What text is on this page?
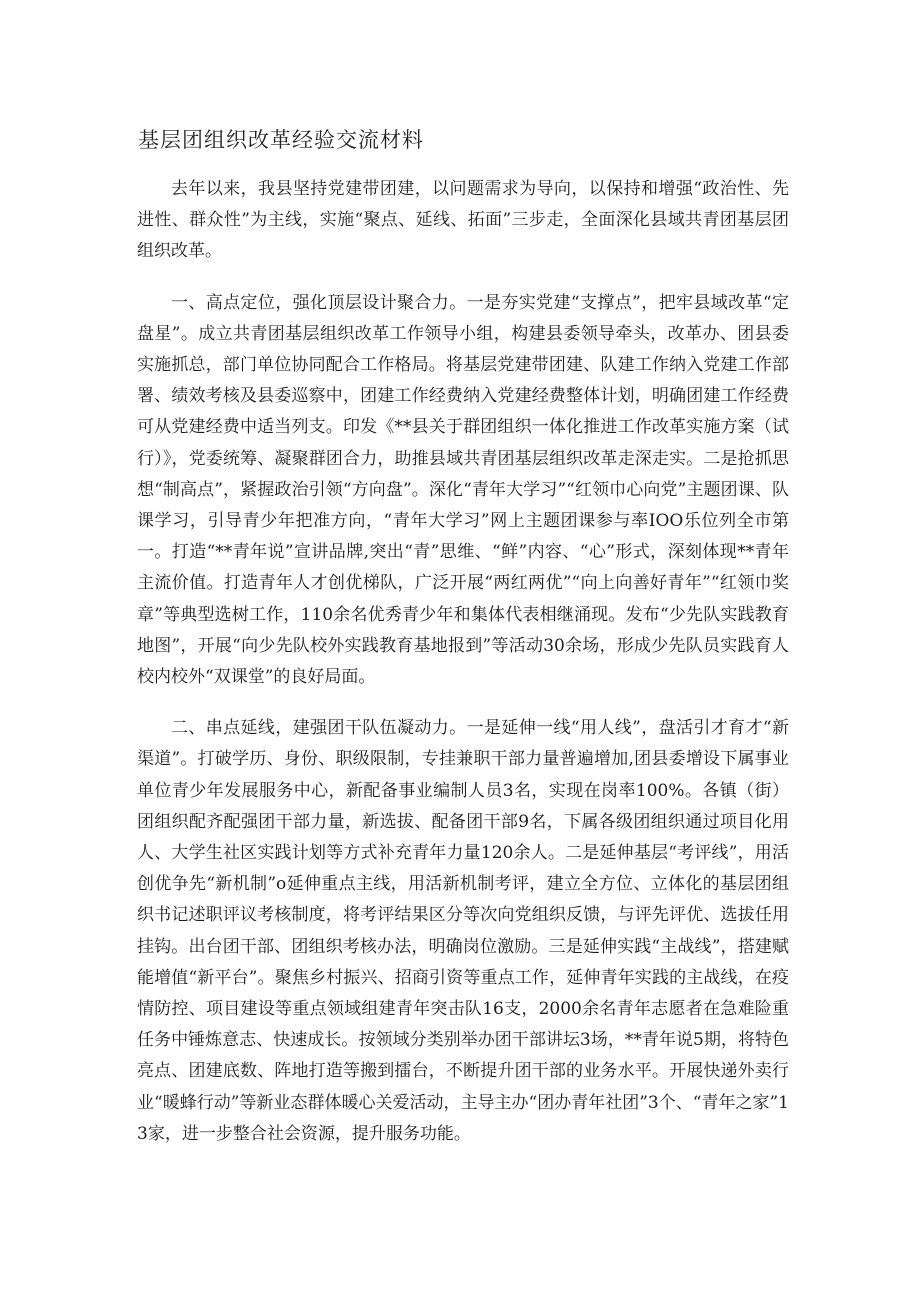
基层团组织改革经验交流材料

去年以来，我县坚持党建带团建，以问题需求为导向，以保持和增强“政治性、先进性、群众性”为主线，实施“聚点、延线、拓面”三步走，全面深化县域共青团基层团组织改革。

一、高点定位，强化顶层设计聚合力。一是夯实党建“支撑点”，把牢县域改革“定盘星”。成立共青团基层组织改革工作领导小组，构建县委领导牵头，改革办、团县委实施抓总，部门单位协同配合工作格局。将基层党建带团建、队建工作纳入党建工作部署、绩效考核及县委巡察中，团建工作经费纳入党建经费整体计划，明确团建工作经费可从党建经费中适当列支。印发《**县关于群团组织一体化推进工作改革实施方案（试行）》，党委统筹、凝聚群团合力，助推县域共青团基层组织改革走深走实。二是抢抓思想“制高点”，紧握政治引领“方向盘”。深化“青年大学习”“红领巾心向党”主题团课、队课学习，引导青少年把准方向，“青年大学习”网上主题团课参与率IOO乐位列全市第一。打造“**青年说”宣讲品牌,突出“青”思维、“鲜”内容、“心”形式，深刻体现**青年主流价值。打造青年人才创优梯队，广泛开展“两红两优”“向上向善好青年”“红领巾奖章”等典型选树工作，110余名优秀青少年和集体代表相继涌现。发布“少先队实践教育地图”，开展“向少先队校外实践教育基地报到”等活动30余场，形成少先队员实践育人校内校外“双课堂”的良好局面。

二、串点延线，建强团干队伍凝动力。一是延伸一线“用人线”，盘活引才育才“新渠道”。打破学历、身份、职级限制，专挂兼职干部力量普遍增加,团县委增设下属事业单位青少年发展服务中心，新配备事业编制人员3名，实现在岗率100%。各镇（街）团组织配齐配强团干部力量，新选拔、配备团干部9名，下属各级团组织通过项目化用人、大学生社区实践计划等方式补充青年力量120余人。二是延伸基层“考评线”，用活创优争先“新机制”o延伸重点主线，用活新机制考评，建立全方位、立体化的基层团组织书记述职评议考核制度，将考评结果区分等次向党组织反馈，与评先评优、选拔任用挂钩。出台团干部、团组织考核办法，明确岗位激励。三是延伸实践“主战线”，搭建赋能增值“新平台”。聚焦乡村振兴、招商引资等重点工作，延伸青年实践的主战线，在疫情防控、项目建设等重点领域组建青年突击队16支，2000余名青年志愿者在急难险重任务中锤炼意志、快速成长。按领域分类别举办团干部讲坛3场，**青年说5期，将特色亮点、团建底数、阵地打造等搬到擂台，不断提升团干部的业务水平。开展快递外卖行业“暖蜂行动”等新业态群体暖心关爱活动，主导主办“团办青年社团”3个、“青年之家”13家，进一步整合社会资源，提升服务功能。
